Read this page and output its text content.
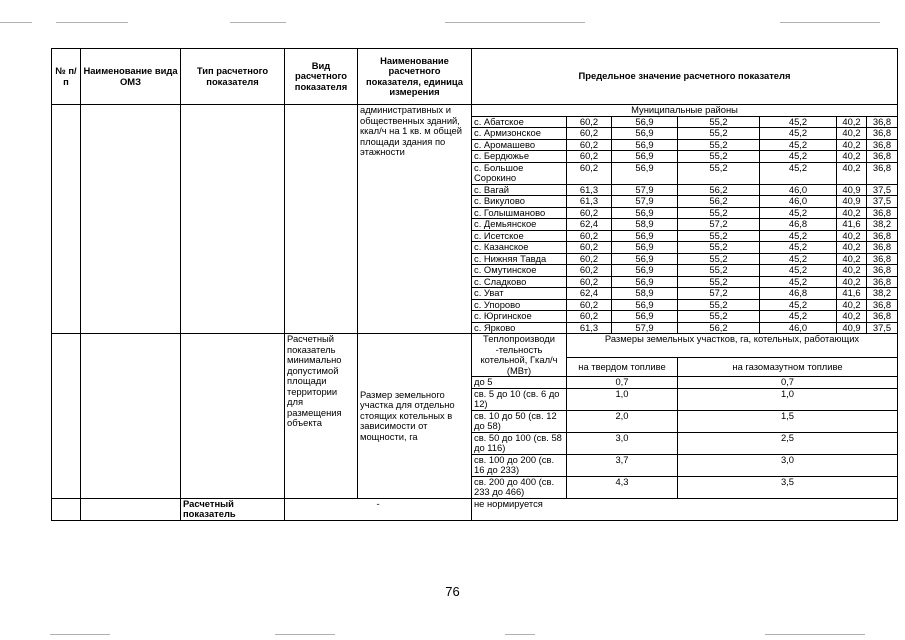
№ п/п	Наименование вида ОМЗ	Тип расчетного показателя	Вид расчетного показателя	Наименование расчетного показателя, единица измерения	Предельное значение расчетного показателя						
				административных и общественных зданий, ккал/ч на 1 кв. м общей площади здания по этажности	Муниципальные районы						
					с. Абатское	60,2	56,9	55,2	45,2	40,2	36,8
					с. Армизонское	60,2	56,9	55,2	45,2	40,2	36,8
					с. Аромашево	60,2	56,9	55,2	45,2	40,2	36,8
					с. Бердюжье	60,2	56,9	55,2	45,2	40,2	36,8
					с. Большое Сорокино	60,2	56,9	55,2	45,2	40,2	36,8
					с. Вагай	61,3	57,9	56,2	46,0	40,9	37,5
					с. Викулово	61,3	57,9	56,2	46,0	40,9	37,5
					с. Голышманово	60,2	56,9	55,2	45,2	40,2	36,8
					с. Демьянское	62,4	58,9	57,2	46,8	41,6	38,2
					с. Исетское	60,2	56,9	55,2	45,2	40,2	36,8
					с. Казанское	60,2	56,9	55,2	45,2	40,2	36,8
					с. Нижняя Тавда	60,2	56,9	55,2	45,2	40,2	36,8
					с. Омутинское	60,2	56,9	55,2	45,2	40,2	36,8
					с. Сладково	60,2	56,9	55,2	45,2	40,2	36,8
					с. Уват	62,4	58,9	57,2	46,8	41,6	38,2
					с. Упорово	60,2	56,9	55,2	45,2	40,2	36,8
					с. Юргинское	60,2	56,9	55,2	45,2	40,2	36,8
					с. Ярково	61,3	57,9	56,2	46,0	40,9	37,5
			Расчетный показатель минимально допустимой площади территории для размещения объекта	Размер земельного участка для отдельно стоящих котельных в зависимости от мощности, га	Теплопроизводи -тельность котельной, Гкал/ч (МВт)	Размеры земельных участков, га, котельных, работающих					
						на твердом топливе		на газомазутном топливе			
					до 5	0,7		0,7			
					св. 5 до 10 (св. 6 до 12)	1,0		1,0			
					св. 10 до 50 (св. 12 до 58)	2,0		1,5			
					св. 50 до 100 (св. 58 до 116)	3,0		2,5			
					св. 100 до 200 (св. 16 до 233)	3,7		3,0			
					св. 200 до 400 (св. 233 до 466)	4,3		3,5			
		Расчетный показатель	-		не нормируется						
76
